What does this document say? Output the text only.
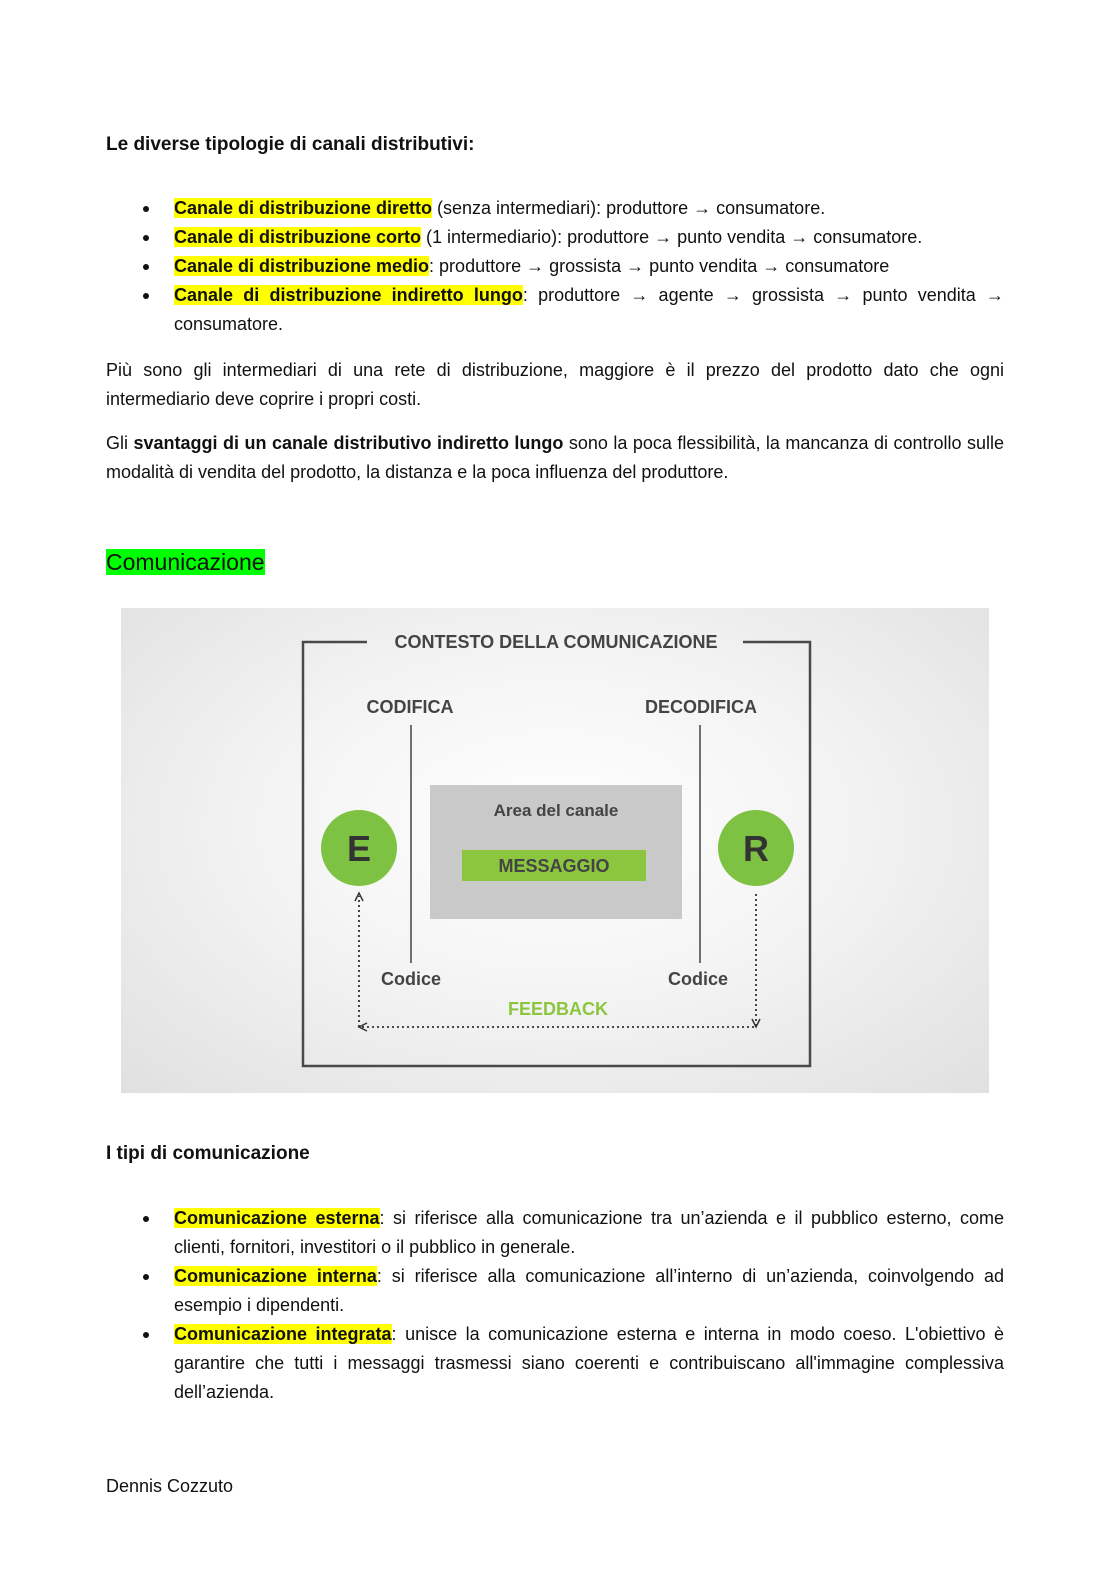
Le diverse tipologie di canali distributivi:
Canale di distribuzione diretto (senza intermediari): produttore → consumatore.
Canale di distribuzione corto (1 intermediario): produttore → punto vendita → consumatore.
Canale di distribuzione medio: produttore → grossista → punto vendita → consumatore
Canale di distribuzione indiretto lungo: produttore → agente → grossista → punto vendita → consumatore.
Più sono gli intermediari di una rete di distribuzione, maggiore è il prezzo del prodotto dato che ogni intermediario deve coprire i propri costi.
Gli svantaggi di un canale distributivo indiretto lungo sono la poca flessibilità, la mancanza di controllo sulle modalità di vendita del prodotto, la distanza e la poca influenza del produttore.
Comunicazione
CONTESTO DELLA COMUNICAZIONE
CODIFICA	DECODIFICA
Area del canale
MESSAGGIO
E	R
Codice	Codice
FEEDBACK
I tipi di comunicazione
Comunicazione esterna: si riferisce alla comunicazione tra un’azienda e il pubblico esterno, come clienti, fornitori, investitori o il pubblico in generale.
Comunicazione interna: si riferisce alla comunicazione all’interno di un’azienda, coinvolgendo ad esempio i dipendenti.
Comunicazione integrata: unisce la comunicazione esterna e interna in modo coeso. L'obiettivo è garantire che tutti i messaggi trasmessi siano coerenti e contribuiscano all'immagine complessiva dell’azienda.
Dennis Cozzuto
